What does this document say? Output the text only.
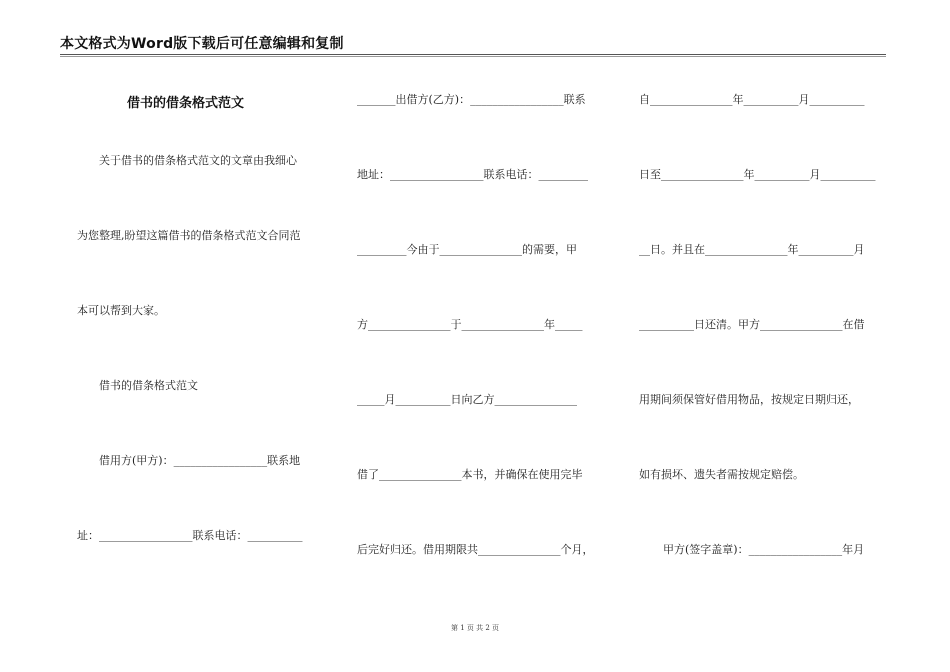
本文格式为Word版下载后可任意编辑和复制
借书的借条格式范文
关于借书的借条格式范文的文章由我细心
为您整理,盼望这篇借书的借条格式范文合同范
本可以帮到大家。
借书的借条格式范文
借用方(甲方)：_________________联系地
址：_________________联系电话：__________
_______出借方(乙方)：_________________联系
地址：_________________联系电话：_________
_________今由于_______________的需要，甲
方_______________于_______________年_____
_____月__________日向乙方_______________
借了_______________本书，并确保在使用完毕
后完好归还。借用期限共_______________个月，
自_______________年__________月__________
日至_______________年__________月__________
__日。并且在_______________年__________月
__________日还清。甲方_______________在借
用期间须保管好借用物品，按规定日期归还，
如有损坏、遗失者需按规定赔偿。
甲方(签字盖章)：_________________年月
第 1 页 共 2 页
